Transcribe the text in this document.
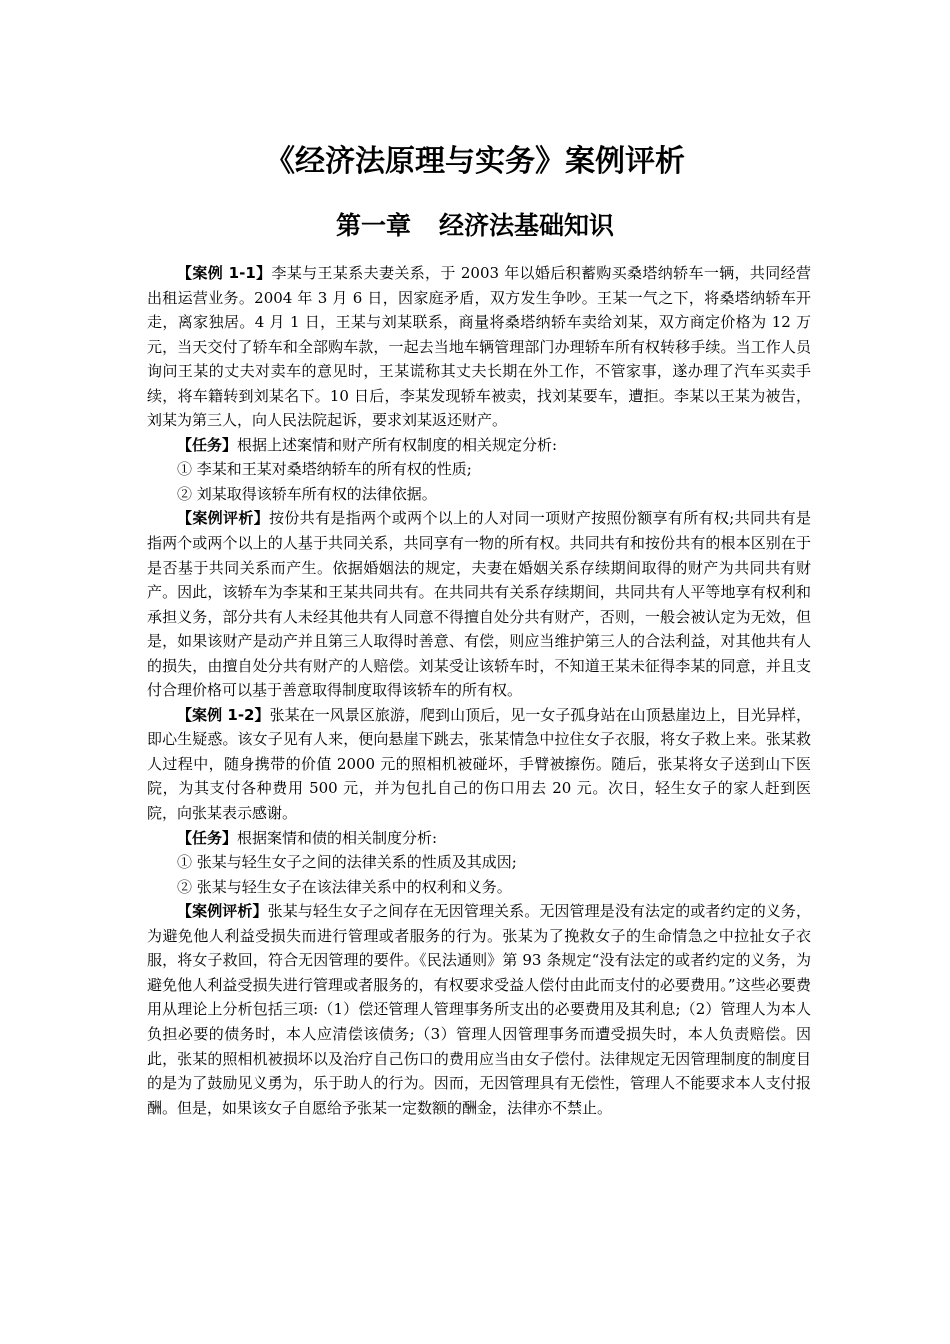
《经济法原理与实务》案例评析
第一章 经济法基础知识

【案例 1-1】李某与王某系夫妻关系，于 2003 年以婚后积蓄购买桑塔纳轿车一辆，共同经营出租运营业务。2004 年 3 月 6 日，因家庭矛盾，双方发生争吵。王某一气之下，将桑塔纳轿车开走，离家独居。4 月 1 日，王某与刘某联系，商量将桑塔纳轿车卖给刘某，双方商定价格为 12 万元，当天交付了轿车和全部购车款，一起去当地车辆管理部门办理轿车所有权转移手续。当工作人员询问王某的丈夫对卖车的意见时，王某谎称其丈夫长期在外工作，不管家事，遂办理了汽车买卖手续，将车籍转到刘某名下。10 日后，李某发现轿车被卖，找刘某要车，遭拒。李某以王某为被告，刘某为第三人，向人民法院起诉，要求刘某返还财产。

【任务】根据上述案情和财产所有权制度的相关规定分析:

① 李某和王某对桑塔纳轿车的所有权的性质;

② 刘某取得该轿车所有权的法律依据。

【案例评析】按份共有是指两个或两个以上的人对同一项财产按照份额享有所有权;共同共有是指两个或两个以上的人基于共同关系，共同享有一物的所有权。共同共有和按份共有的根本区别在于是否基于共同关系而产生。依据婚姻法的规定，夫妻在婚姻关系存续期间取得的财产为共同共有财产。因此，该轿车为李某和王某共同共有。在共同共有关系存续期间，共同共有人平等地享有权利和承担义务，部分共有人未经其他共有人同意不得擅自处分共有财产，否则，一般会被认定为无效，但是，如果该财产是动产并且第三人取得时善意、有偿，则应当维护第三人的合法利益，对其他共有人的损失，由擅自处分共有财产的人赔偿。刘某受让该轿车时，不知道王某未征得李某的同意，并且支付合理价格可以基于善意取得制度取得该轿车的所有权。

【案例 1-2】张某在一风景区旅游，爬到山顶后，见一女子孤身站在山顶悬崖边上，目光异样，即心生疑惑。该女子见有人来，便向悬崖下跳去，张某情急中拉住女子衣服，将女子救上来。张某救人过程中，随身携带的价值 2000 元的照相机被碰坏，手臂被擦伤。随后，张某将女子送到山下医院，为其支付各种费用 500 元，并为包扎自己的伤口用去 20 元。次日，轻生女子的家人赶到医院，向张某表示感谢。

【任务】根据案情和债的相关制度分析:

① 张某与轻生女子之间的法律关系的性质及其成因;

② 张某与轻生女子在该法律关系中的权利和义务。

【案例评析】张某与轻生女子之间存在无因管理关系。无因管理是没有法定的或者约定的义务，为避免他人利益受损失而进行管理或者服务的行为。张某为了挽救女子的生命情急之中拉扯女子衣服，将女子救回，符合无因管理的要件。《民法通则》第 93 条规定“没有法定的或者约定的义务，为避免他人利益受损失进行管理或者服务的，有权要求受益人偿付由此而支付的必要费用。”这些必要费用从理论上分析包括三项:（1）偿还管理人管理事务所支出的必要费用及其利息;（2）管理人为本人负担必要的债务时，本人应清偿该债务;（3）管理人因管理事务而遭受损失时，本人负责赔偿。因此，张某的照相机被损坏以及治疗自己伤口的费用应当由女子偿付。法律规定无因管理制度的制度目的是为了鼓励见义勇为，乐于助人的行为。因而，无因管理具有无偿性，管理人不能要求本人支付报酬。但是，如果该女子自愿给予张某一定数额的酬金，法律亦不禁止。
